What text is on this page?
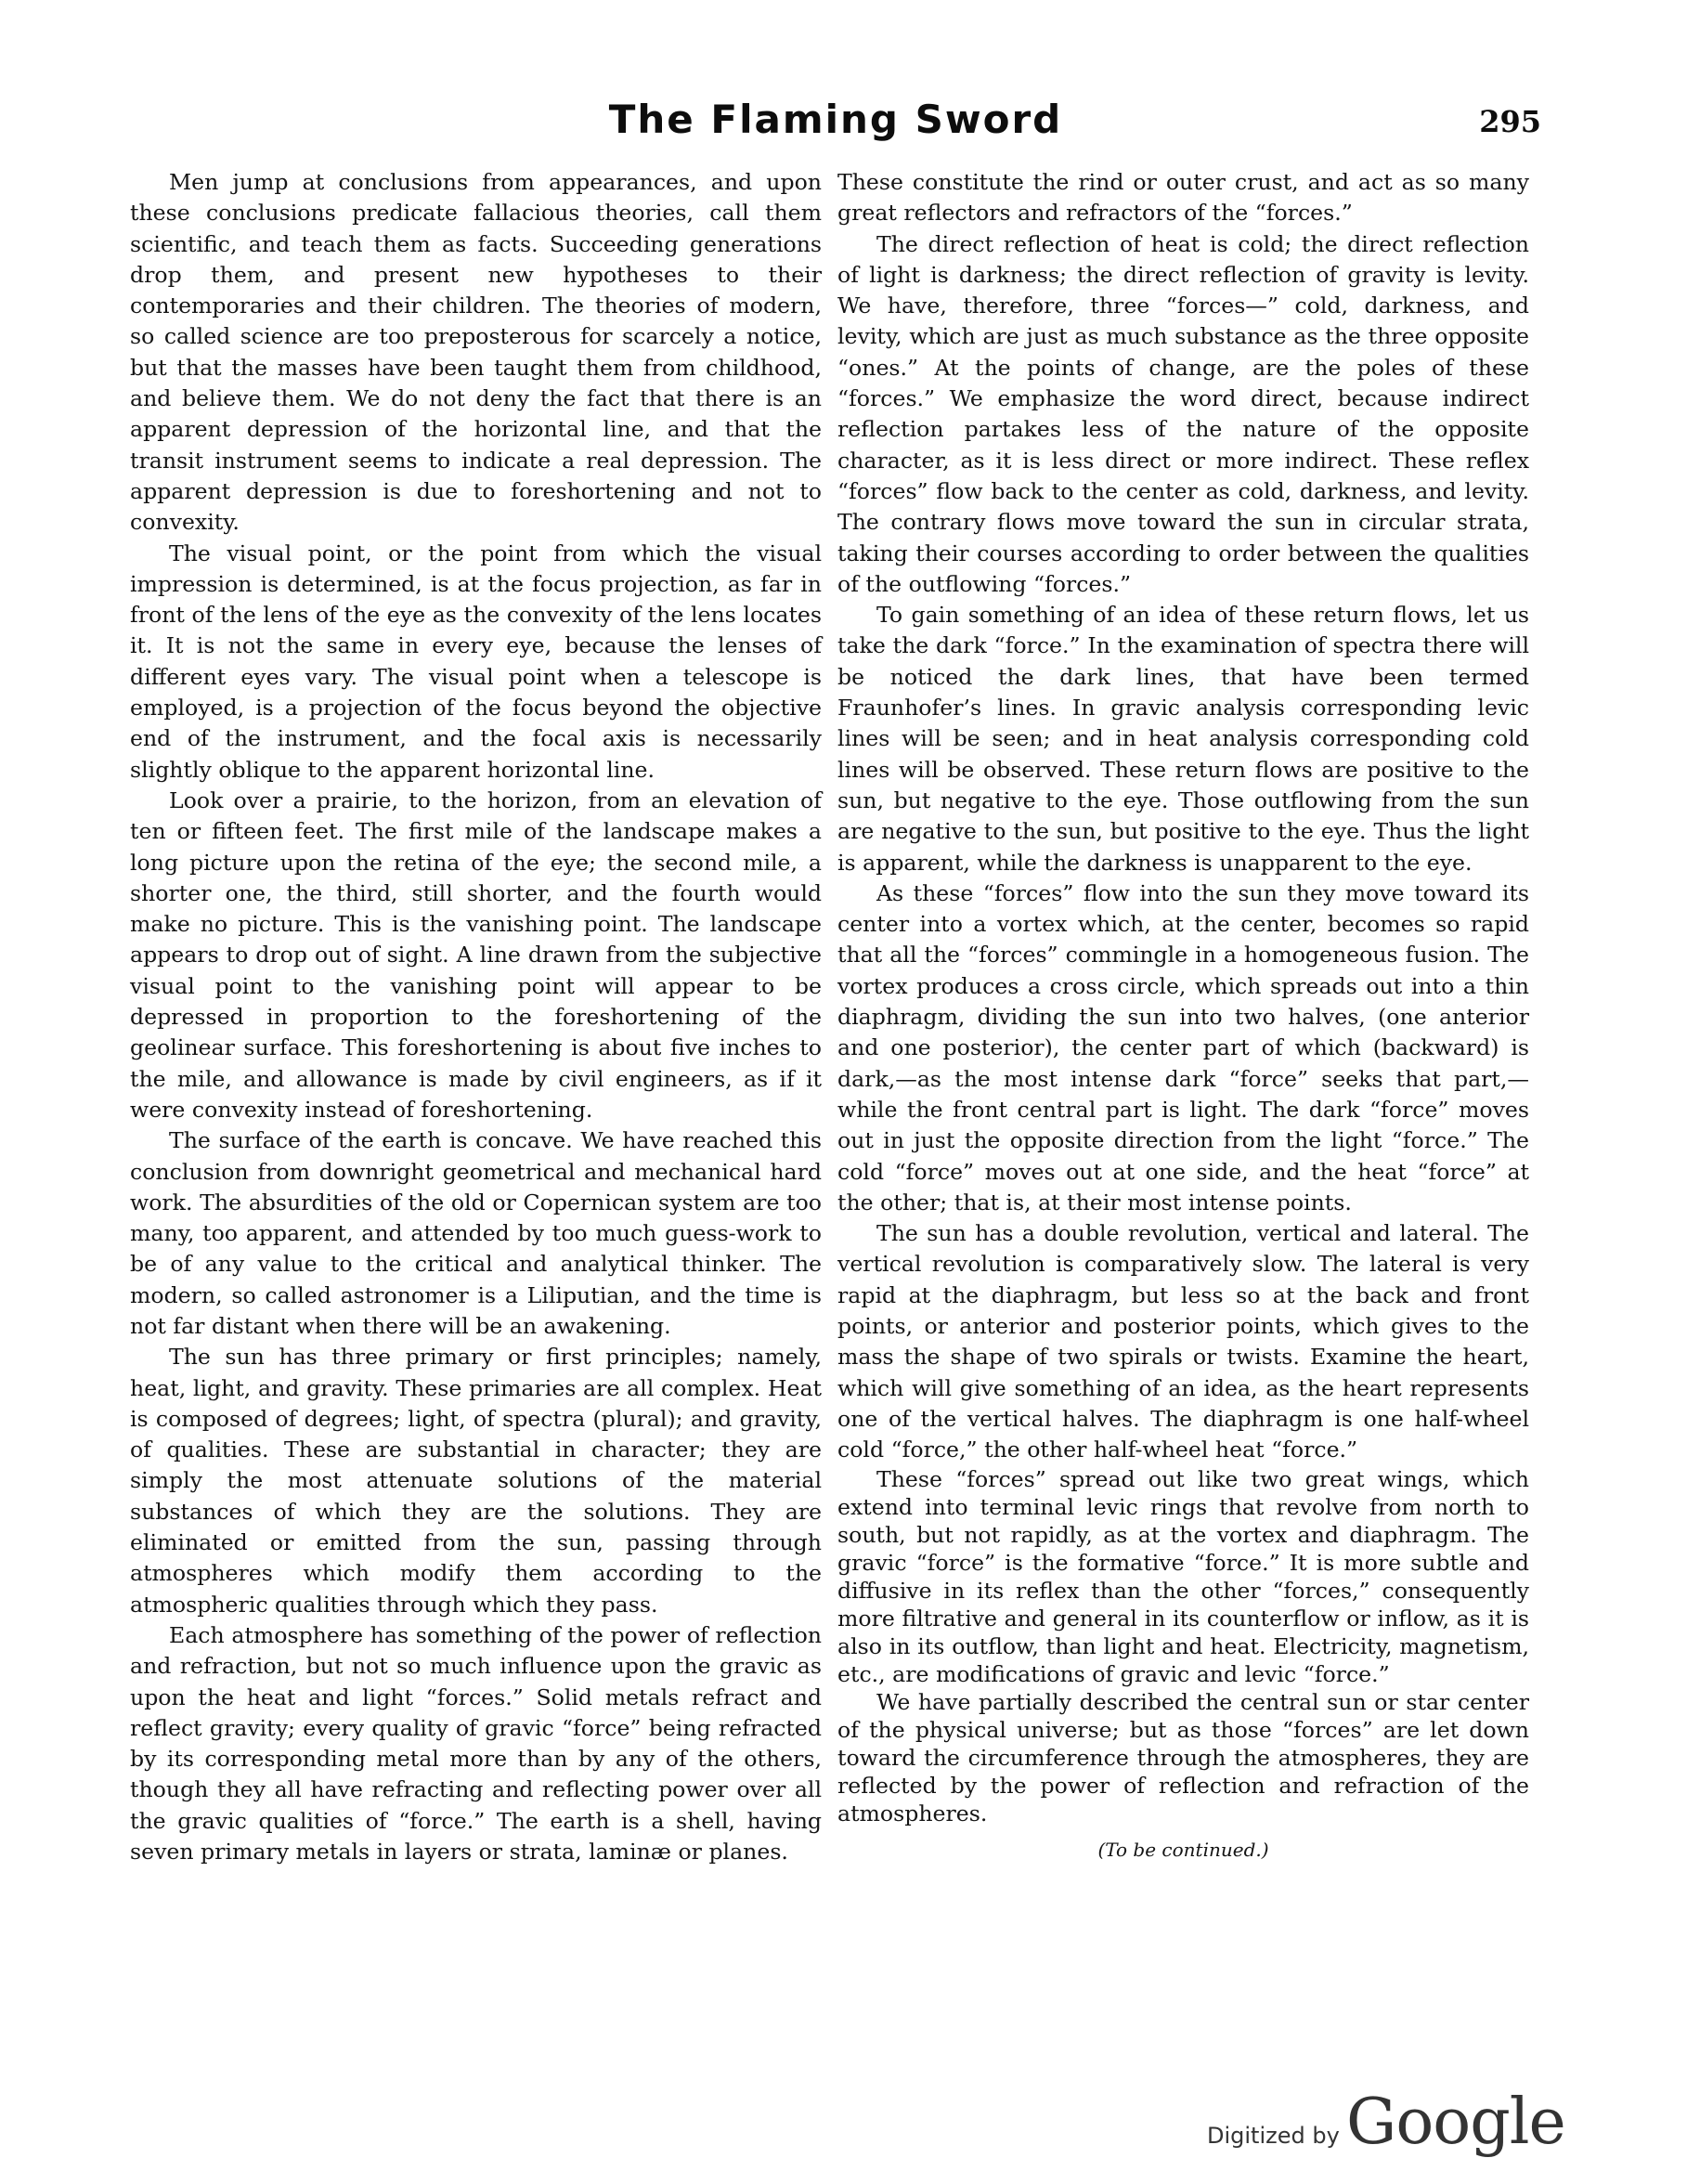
The Flaming Sword	295

Men jump at conclusions from appearances, and upon these conclusions predicate fallacious theories, call them scientific, and teach them as facts. Succeeding generations drop them, and present new hypotheses to their contemporaries and their children. The theories of modern, so called science are too preposterous for scarcely a notice, but that the masses have been taught them from childhood, and believe them. We do not deny the fact that there is an apparent depression of the horizontal line, and that the transit instrument seems to indicate a real depression. The apparent depression is due to foreshortening and not to convexity.

The visual point, or the point from which the visual impression is determined, is at the focus projection, as far in front of the lens of the eye as the convexity of the lens locates it. It is not the same in every eye, because the lenses of different eyes vary. The visual point when a telescope is employed, is a projection of the focus beyond the objective end of the instrument, and the focal axis is necessarily slightly oblique to the apparent horizontal line.

Look over a prairie, to the horizon, from an elevation of ten or fifteen feet. The first mile of the landscape makes a long picture upon the retina of the eye; the second mile, a shorter one, the third, still shorter, and the fourth would make no picture. This is the vanishing point. The landscape appears to drop out of sight. A line drawn from the subjective visual point to the vanishing point will appear to be depressed in proportion to the foreshortening of the geolinear surface. This foreshortening is about five inches to the mile, and allowance is made by civil engineers, as if it were convexity instead of foreshortening.

The surface of the earth is concave. We have reached this conclusion from downright geometrical and mechanical hard work. The absurdities of the old or Copernican system are too many, too apparent, and attended by too much guess-work to be of any value to the critical and analytical thinker. The modern, so called astronomer is a Liliputian, and the time is not far distant when there will be an awakening.

The sun has three primary or first principles; namely, heat, light, and gravity. These primaries are all complex. Heat is composed of degrees; light, of spectra (plural); and gravity, of qualities. These are substantial in character; they are simply the most attenuate solutions of the material substances of which they are the solutions. They are eliminated or emitted from the sun, passing through atmospheres which modify them according to the atmospheric qualities through which they pass.

Each atmosphere has something of the power of reflection and refraction, but not so much influence upon the gravic as upon the heat and light “forces.” Solid metals refract and reflect gravity; every quality of gravic “force” being refracted by its corresponding metal more than by any of the others, though they all have refracting and reflecting power over all the gravic qualities of “force.” The earth is a shell, having seven primary metals in layers or strata, laminæ or planes.

These constitute the rind or outer crust, and act as so many great reflectors and refractors of the “forces.”

The direct reflection of heat is cold; the direct reflection of light is darkness; the direct reflection of gravity is levity. We have, therefore, three “forces—” cold, darkness, and levity, which are just as much substance as the three opposite “ones.” At the points of change, are the poles of these “forces.” We emphasize the word direct, because indirect reflection partakes less of the nature of the opposite character, as it is less direct or more indirect. These reflex “forces” flow back to the center as cold, darkness, and levity. The contrary flows move toward the sun in circular strata, taking their courses according to order between the qualities of the outflowing “forces.”

To gain something of an idea of these return flows, let us take the dark “force.” In the examination of spectra there will be noticed the dark lines, that have been termed Fraunhofer’s lines. In gravic analysis corresponding levic lines will be seen; and in heat analysis corresponding cold lines will be observed. These return flows are positive to the sun, but negative to the eye. Those outflowing from the sun are negative to the sun, but positive to the eye. Thus the light is apparent, while the darkness is unapparent to the eye.

As these “forces” flow into the sun they move toward its center into a vortex which, at the center, becomes so rapid that all the “forces” commingle in a homogeneous fusion. The vortex produces a cross circle, which spreads out into a thin diaphragm, dividing the sun into two halves, (one anterior and one posterior), the center part of which (backward) is dark,—as the most intense dark “force” seeks that part,—while the front central part is light. The dark “force” moves out in just the opposite direction from the light “force.” The cold “force” moves out at one side, and the heat “force” at the other; that is, at their most intense points.

The sun has a double revolution, vertical and lateral. The vertical revolution is comparatively slow. The lateral is very rapid at the diaphragm, but less so at the back and front points, or anterior and posterior points, which gives to the mass the shape of two spirals or twists. Examine the heart, which will give something of an idea, as the heart represents one of the vertical halves. The diaphragm is one half-wheel cold “force,” the other half-wheel heat “force.”

These “forces” spread out like two great wings, which extend into terminal levic rings that revolve from north to south, but not rapidly, as at the vortex and diaphragm. The gravic “force” is the formative “force.” It is more subtle and diffusive in its reflex than the other “forces,” consequently more filtrative and general in its counterflow or inflow, as it is also in its outflow, than light and heat. Electricity, magnetism, etc., are modifications of gravic and levic “force.”

We have partially described the central sun or star center of the physical universe; but as those “forces” are let down toward the circumference through the atmospheres, they are reflected by the power of reflection and refraction of the atmospheres.

(To be continued.)
Digitized by Google
